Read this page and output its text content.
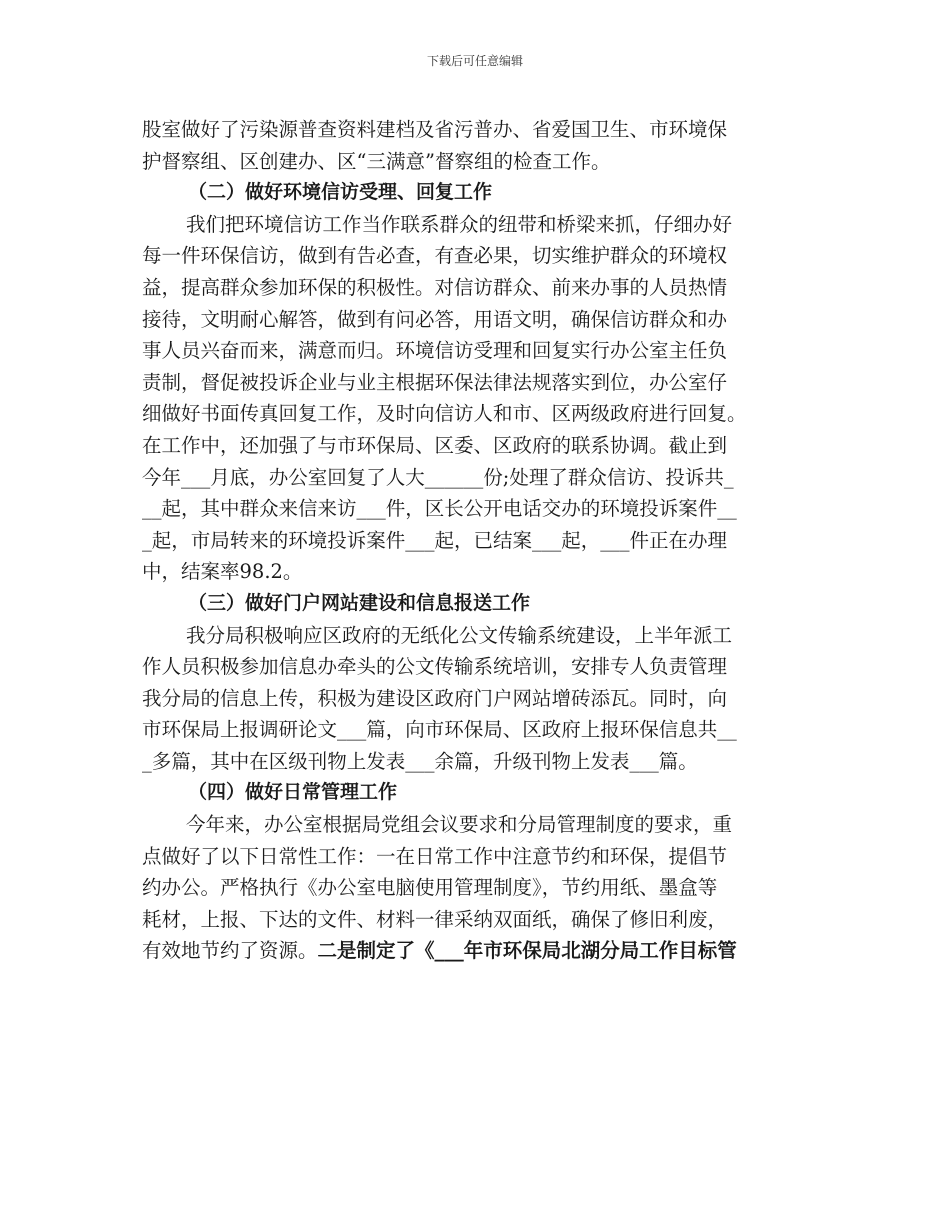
下载后可任意编辑
股室做好了污染源普查资料建档及省污普办、省爱国卫生、市环境保
护督察组、区创建办、区“三满意”督察组的检查工作。
（二）做好环境信访受理、回复工作
我们把环境信访工作当作联系群众的纽带和桥梁来抓，仔细办好
每一件环保信访，做到有告必查，有查必果，切实维护群众的环境权
益，提高群众参加环保的积极性。对信访群众、前来办事的人员热情
接待，文明耐心解答，做到有问必答，用语文明，确保信访群众和办
事人员兴奋而来，满意而归。环境信访受理和回复实行办公室主任负
责制，督促被投诉企业与业主根据环保法律法规落实到位，办公室仔
细做好书面传真回复工作，及时向信访人和市、区两级政府进行回复。
在工作中，还加强了与市环保局、区委、区政府的联系协调。截止到
今年___月底，办公室回复了人大______份;处理了群众信访、投诉共_
__起，其中群众来信来访___件，区长公开电话交办的环境投诉案件__
_起，市局转来的环境投诉案件___起，已结案___起，___件正在办理
中，结案率98.2。
（三）做好门户网站建设和信息报送工作
我分局积极响应区政府的无纸化公文传输系统建设，上半年派工
作人员积极参加信息办牵头的公文传输系统培训，安排专人负责管理
我分局的信息上传，积极为建设区政府门户网站增砖添瓦。同时，向
市环保局上报调研论文___篇，向市环保局、区政府上报环保信息共__
_多篇，其中在区级刊物上发表___余篇，升级刊物上发表___篇。
（四）做好日常管理工作
今年来，办公室根据局党组会议要求和分局管理制度的要求，重
点做好了以下日常性工作：一在日常工作中注意节约和环保，提倡节
约办公。严格执行《办公室电脑使用管理制度》，节约用纸、墨盒等
耗材，上报、下达的文件、材料一律采纳双面纸，确保了修旧利废，
有效地节约了资源。二是制定了《___年市环保局北湖分局工作目标管
